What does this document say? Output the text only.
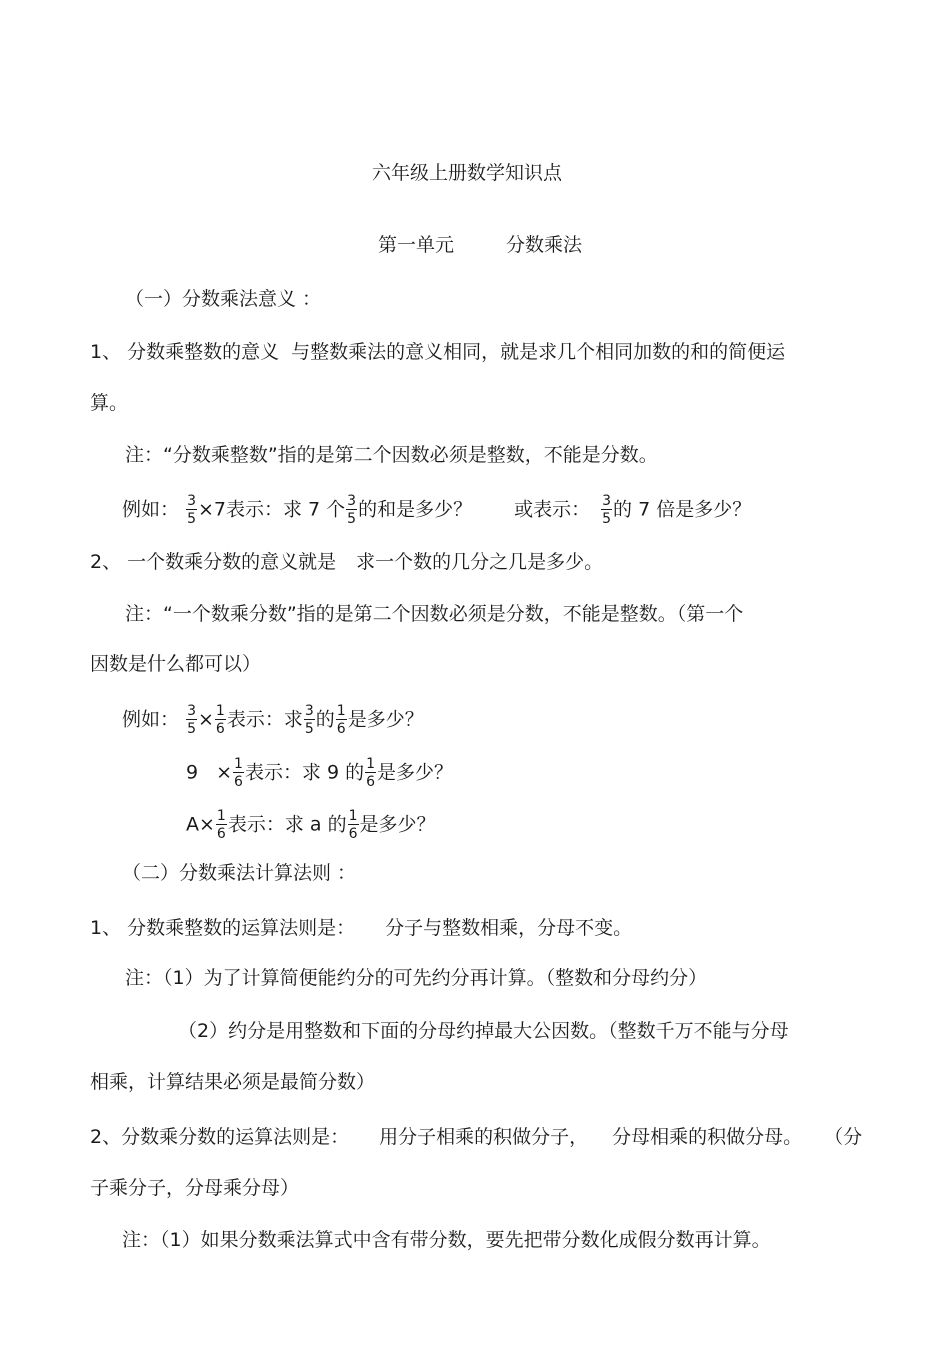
六年级上册数学知识点
第一单元	分数乘法
（一）分数乘法意义 ：
1、 分数乘整数的意义 与整数乘法的意义相同，就是求几个相同加数的和的简便运
算。
注：“分数乘整数”指的是第二个因数必须是整数，不能是分数。
例如： $\frac{3}{5} \times 7$表示：求 7 个 $\frac{3}{5}$ 的和是多少？ 或表示： $\frac{3}{5}$ 的 7 倍是多少？
2、 一个数乘分数的意义就是 求一个数的几分之几是多少。
注：“一个数乘分数”指的是第二个因数必须是分数，不能是整数。（第一个
因数是什么都可以）
例如： $\frac{3}{5} \times \frac{1}{6}$ 表示：求 $\frac{3}{5}$ 的 $\frac{1}{6}$ 是多少？
$9 \times \frac{1}{6}$ 表示：求 9 的 $\frac{1}{6}$ 是多少？
$A\times \frac{1}{6}$ 表示：求 a 的 $\frac{1}{6}$ 是多少？
（二）分数乘法计算法则 ：
1、 分数乘整数的运算法则是： 分子与整数相乘，分母不变。
注：（1）为了计算简便能约分的可先约分再计算。（整数和分母约分）
（2）约分是用整数和下面的分母约掉最大公因数。（整数千万不能与分母
相乘，计算结果必须是最简分数）
2、分数乘分数的运算法则是： 用分子相乘的积做分子， 分母相乘的积做分母。 （分
子乘分子，分母乘分母）
注：（1）如果分数乘法算式中含有带分数，要先把带分数化成假分数再计算。
